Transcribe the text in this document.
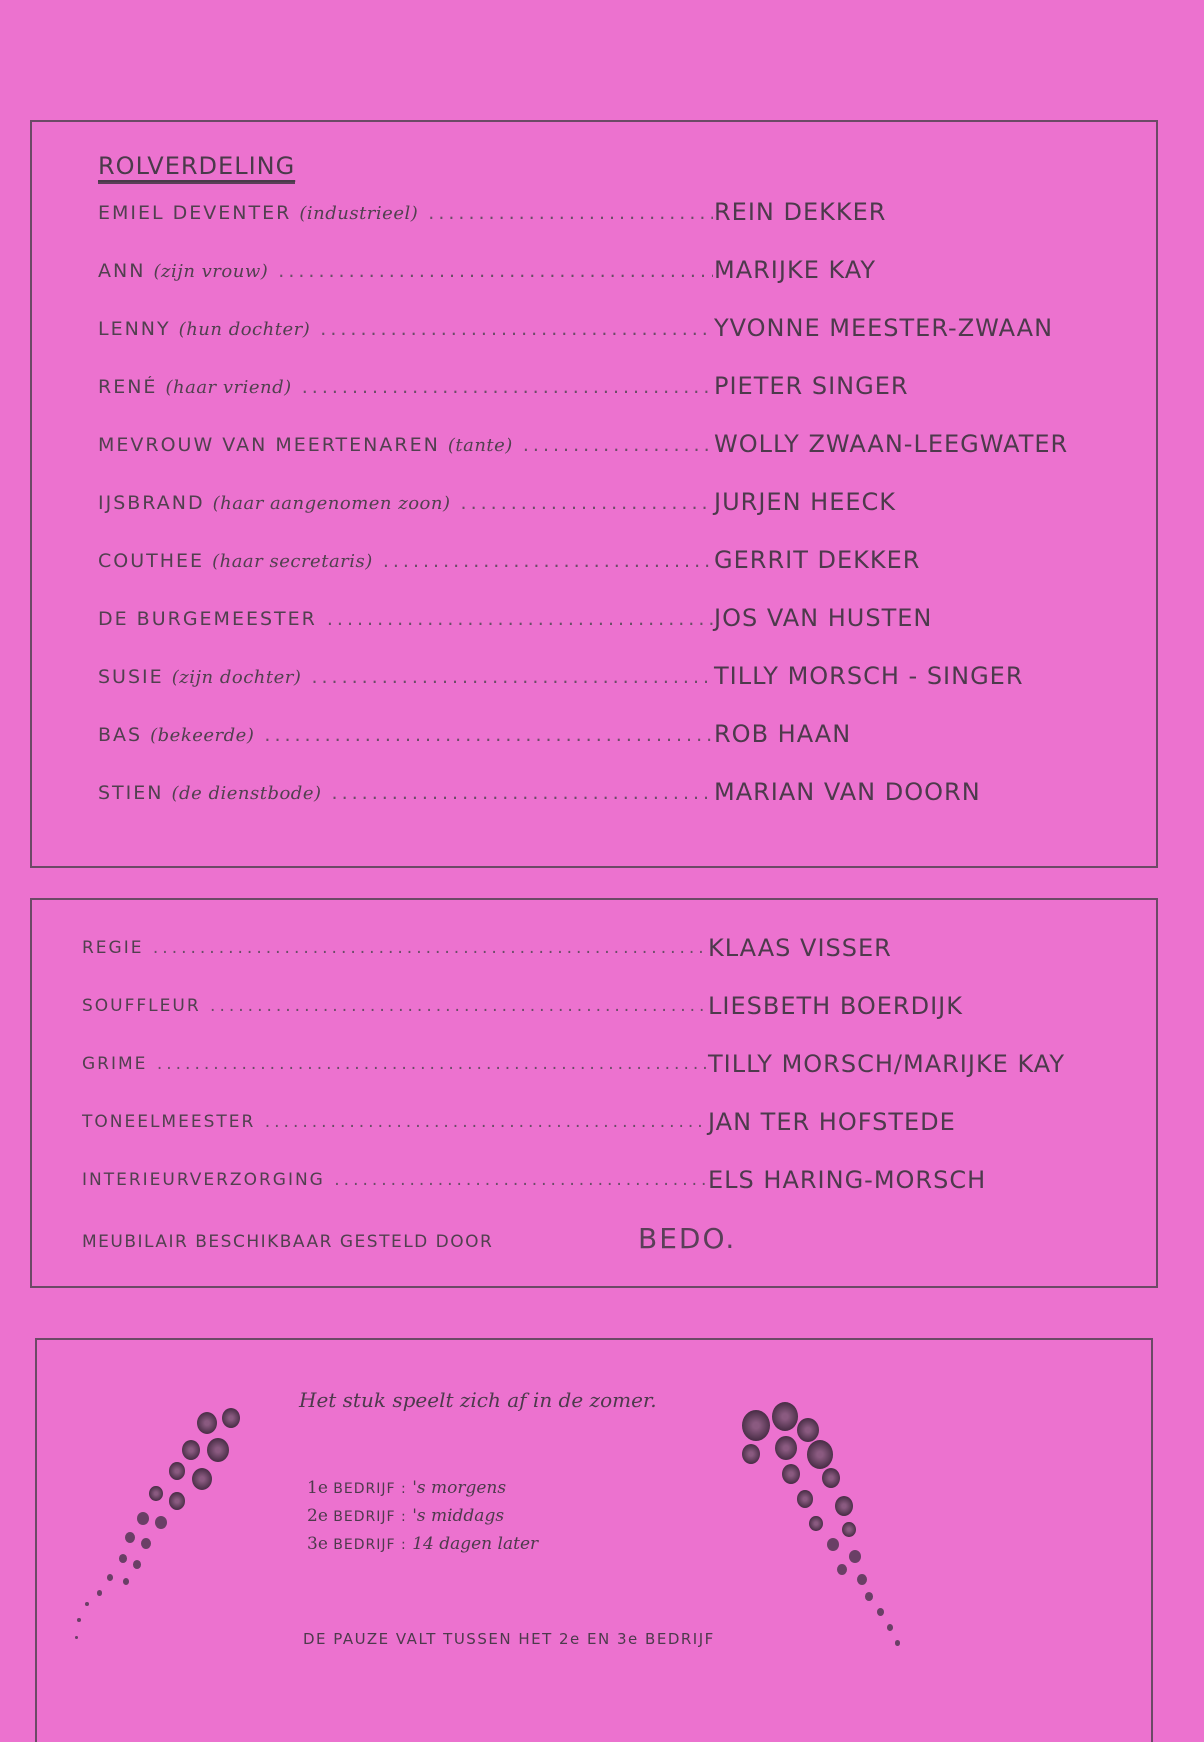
ROLVERDELING
EMIEL DEVENTER (industrieel) .....	REIN DEKKER
ANN (zijn vrouw) .....	MARIJKE KAY
LENNY (hun dochter) .....	YVONNE MEESTER-ZWAAN
RENÉ (haar vriend) .....	PIETER SINGER
MEVROUW VAN MEERTENAREN (tante) .....	WOLLY ZWAAN-LEEGWATER
IJSBRAND (haar aangenomen zoon) .....	JURJEN HEECK
COUTHEE (haar secretaris) .....	GERRIT DEKKER
DE BURGEMEESTER .....	JOS VAN HUSTEN
SUSIE (zijn dochter) .....	TILLY MORSCH - SINGER
BAS (bekeerde) .....	ROB HAAN
STIEN (de dienstbode) .....	MARIAN VAN DOORN
REGIE .....	KLAAS VISSER
SOUFFLEUR .....	LIESBETH BOERDIJK
GRIME .....	TILLY MORSCH/MARIJKE KAY
TONEELMEESTER .....	JAN TER HOFSTEDE
INTERIEURVERZORGING .....	ELS HARING-MORSCH
MEUBILAIR BESCHIKBAAR GESTELD DOOR	BEDO.
Het stuk speelt zich af in de zomer.
1e BEDRIJF : 's morgens
2e BEDRIJF : 's middags
3e BEDRIJF : 14 dagen later
DE PAUZE VALT TUSSEN HET 2e EN 3e BEDRIJF
